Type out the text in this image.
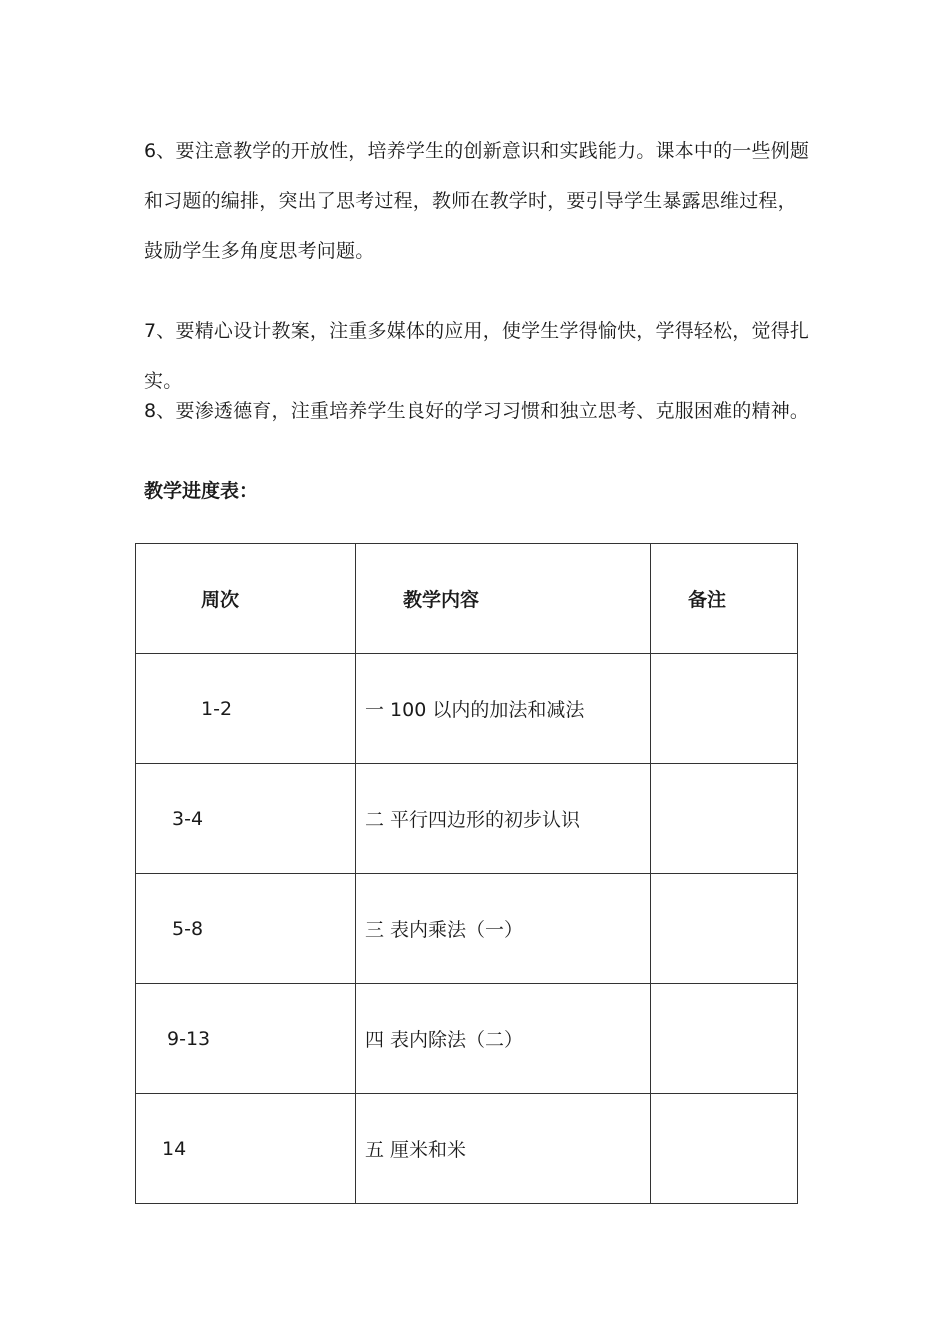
6、要注意教学的开放性，培养学生的创新意识和实践能力。课本中的一些例题和习题的编排，突出了思考过程，教师在教学时，要引导学生暴露思维过程，鼓励学生多角度思考问题。

7、要精心设计教案，注重多媒体的应用，使学生学得愉快，学得轻松，觉得扎实。

8、要渗透德育，注重培养学生良好的学习习惯和独立思考、克服困难的精神。

教学进度表：

周次	教学内容	备注
1-2	一 100 以内的加法和减法	
3-4	二 平行四边形的初步认识	
5-8	三 表内乘法（一）	
9-13	四 表内除法（二）	
14	五 厘米和米	
